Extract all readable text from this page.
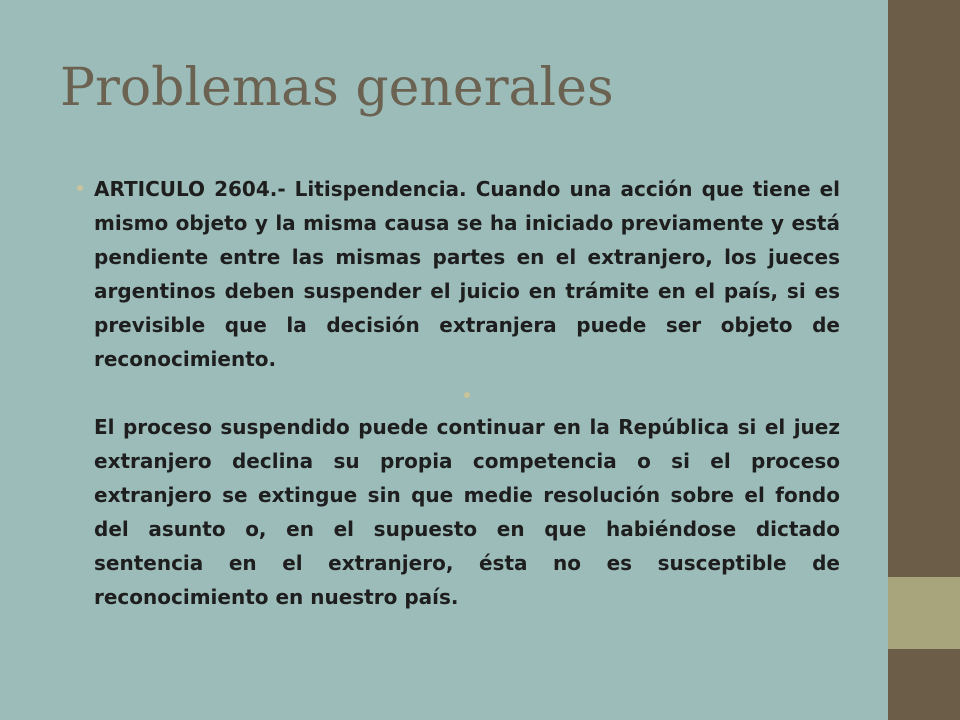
Problemas generales
ARTICULO 2604.- Litispendencia. Cuando una acción que tiene el mismo objeto y la misma causa se ha iniciado previamente y está pendiente entre las mismas partes en el extranjero, los jueces argentinos deben suspender el juicio en trámite en el país, si es previsible que la decisión extranjera puede ser objeto de reconocimiento.
El proceso suspendido puede continuar en la República si el juez extranjero declina su propia competencia o si el proceso extranjero se extingue sin que medie resolución sobre el fondo del asunto o, en el supuesto en que habiéndose dictado sentencia en el extranjero, ésta no es susceptible de reconocimiento en nuestro país.
